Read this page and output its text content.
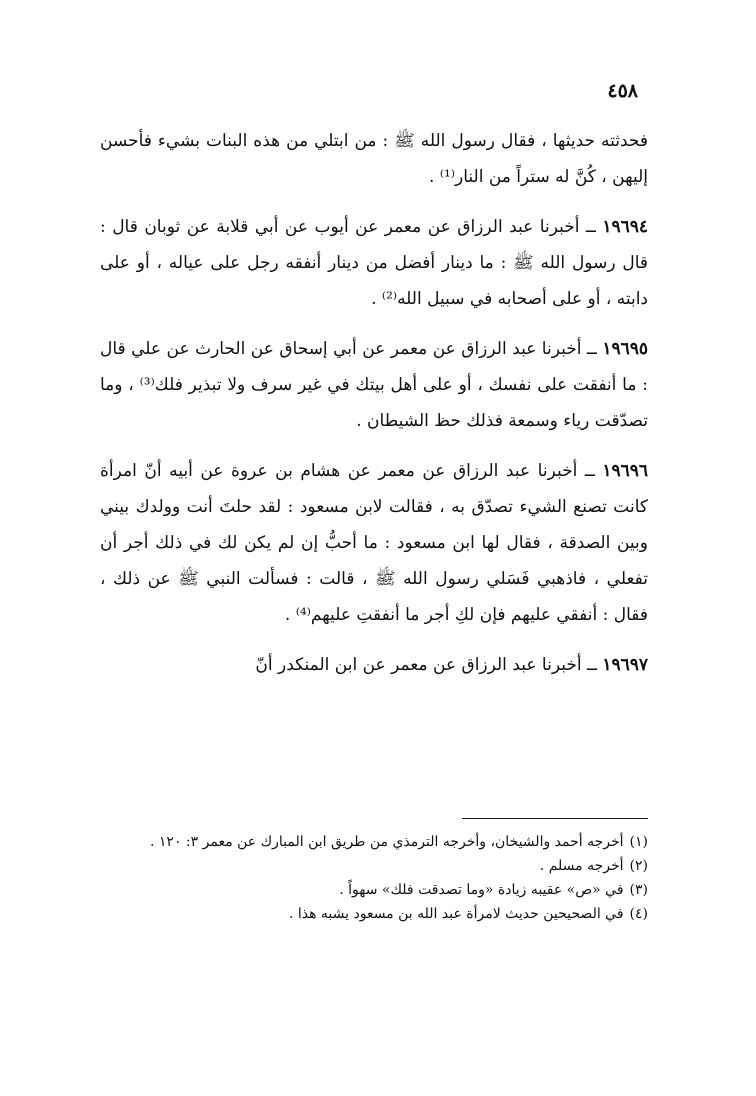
٤٥٨

فحدثته حديثها ، فقال رسول الله ﷺ : من ابتلي من هذه البنات بشيء فأحسن إليهن ، كُنَّ له ستراً من النار⁽¹⁾ .

١٩٦٩٤ ــ أخبرنا عبد الرزاق عن معمر عن أيوب عن أبي قلابة عن ثوبان قال : قال رسول الله ﷺ : ما دينار أفضل من دينار أنفقه رجل على عياله ، أو على دابته ، أو على أصحابه في سبيل الله⁽²⁾ .

١٩٦٩٥ ــ أخبرنا عبد الرزاق عن معمر عن أبي إسحاق عن الحارث عن علي قال : ما أنفقت على نفسك ، أو على أهل بيتك في غير سرف ولا تبذير فلك⁽³⁾ ، وما تصدّقت رياء وسمعة فذلك حظ الشيطان .

١٩٦٩٦ ــ أخبرنا عبد الرزاق عن معمر عن هشام بن عروة عن أبيه أنّ امرأة كانت تصنع الشيء تصدّق به ، فقالت لابن مسعود : لقد حلتَ أنت وولدك بيني وبين الصدقة ، فقال لها ابن مسعود : ما أحبُّ إن لم يكن لك في ذلك أجر أن تفعلي ، فاذهبي فَسَلي رسول الله ﷺ ، قالت : فسألت النبي ﷺ عن ذلك ، فقال : أنفقي عليهم فإن لكِ أجر ما أنفقتِ عليهم⁽⁴⁾ .

١٩٦٩٧ ــ أخبرنا عبد الرزاق عن معمر عن ابن المنكدر أنّ

(١)أخرجه أحمد والشيخان، وأخرجه الترمذي من طريق ابن المبارك عن معمر ٣: ١٢٠ .

(٢)أخرجه مسلم .

(٣)في «ص» عقيبه زيادة «وما تصدقت فلك» سهواً .

(٤)في الصحيحين حديث لامرأة عبد الله بن مسعود يشبه هذا .
